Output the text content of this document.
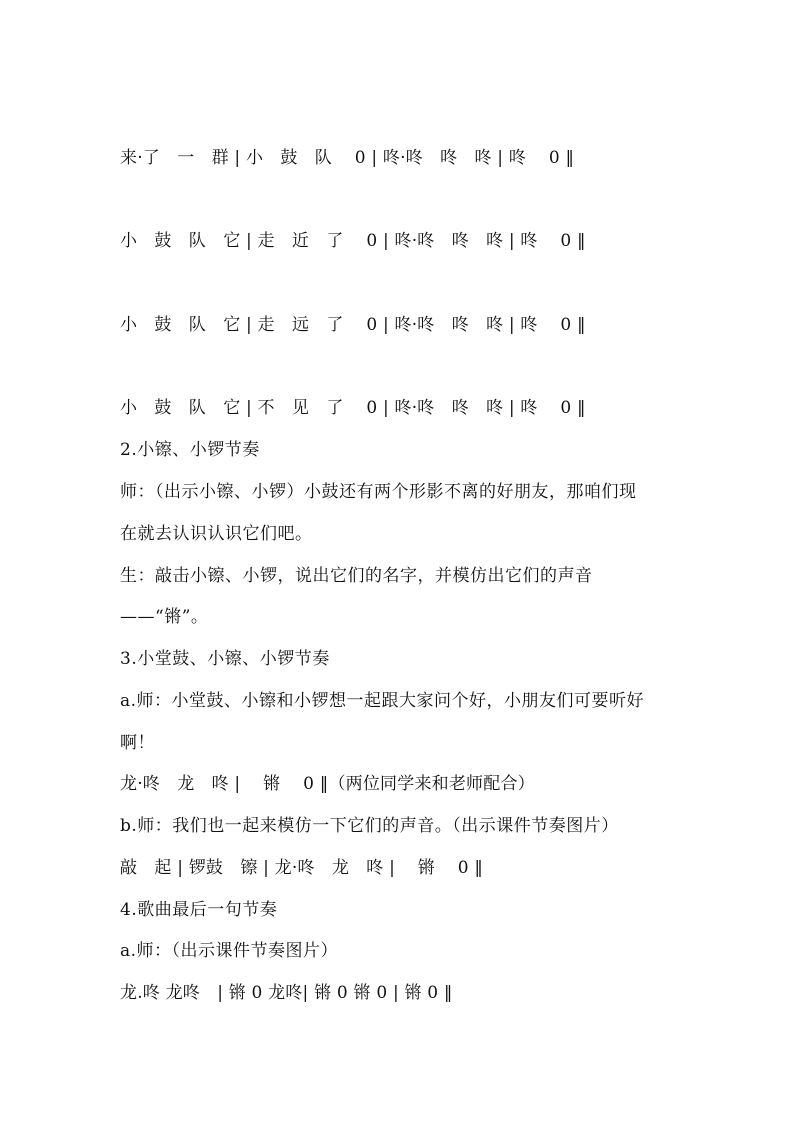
来·了　一　群 | 小　鼓　队　 0 | 咚·咚　咚　咚 | 咚　 0 ‖
小　鼓　队　它 | 走　近　了　 0 | 咚·咚　咚　咚 | 咚　 0 ‖
小　鼓　队　它 | 走　远　了　 0 | 咚·咚　咚　咚 | 咚　 0 ‖
小　鼓　队　它 | 不　见　了　 0 | 咚·咚　咚　咚 | 咚　 0 ‖
2.小镲、小锣节奏
师：（出示小镲、小锣）小鼓还有两个形影不离的好朋友，那咱们现
在就去认识认识它们吧。
生：敲击小镲、小锣，说出它们的名字，并模仿出它们的声音
——“锵”。
3.小堂鼓、小镲、小锣节奏
a.师：小堂鼓、小镲和小锣想一起跟大家问个好，小朋友们可要听好
啊！
龙·咚　龙　咚 |　 锵　 0 ‖（两位同学来和老师配合）
b.师：我们也一起来模仿一下它们的声音。（出示课件节奏图片）
敲　起 | 锣鼓　镲 | 龙·咚　龙　咚 |　 锵　 0 ‖
4.歌曲最后一句节奏
a.师：（出示课件节奏图片）
龙.咚 龙咚　| 锵 0 龙咚| 锵 0 锵 0 | 锵 0 ‖
